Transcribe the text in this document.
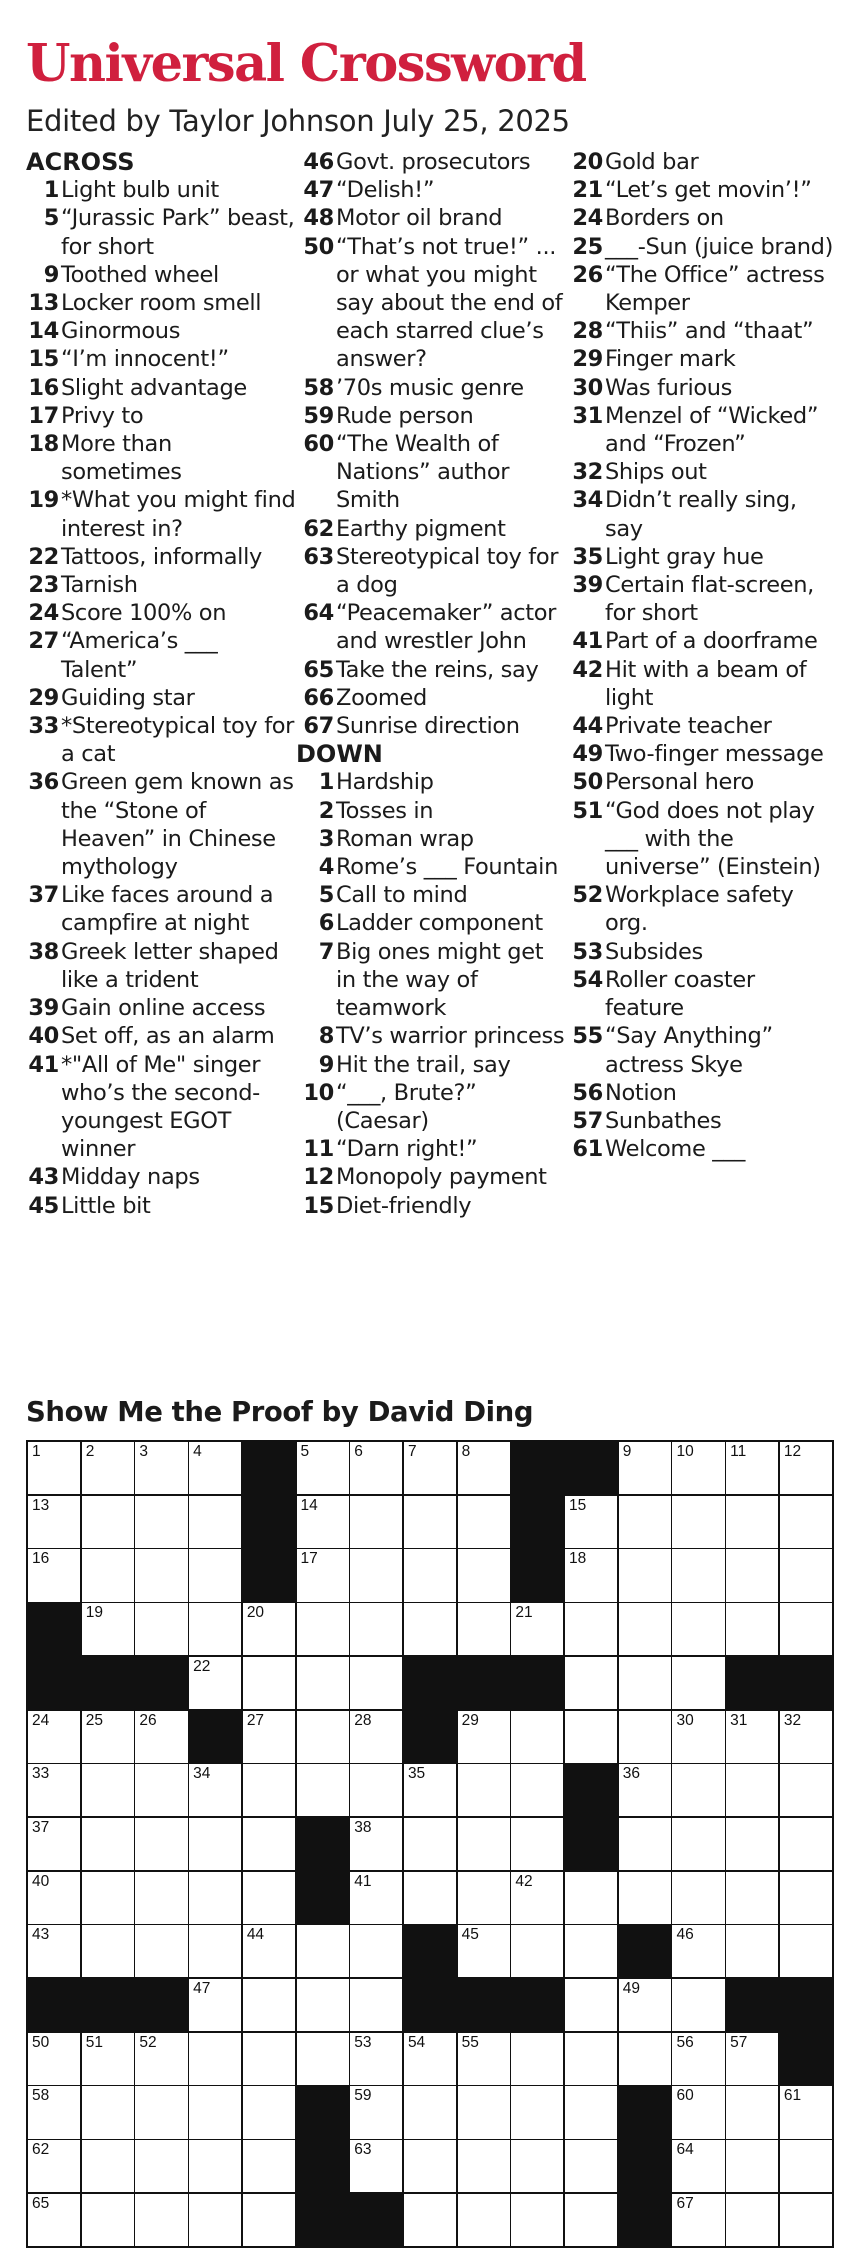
Universal Crossword
Edited by Taylor Johnson July 25, 2025
ACROSS
1 Light bulb unit
5 “Jurassic Park” beast, for short
9 Toothed wheel
13 Locker room smell
14 Ginormous
15 “I’m innocent!”
16 Slight advantage
17 Privy to
18 More than sometimes
19 *What you might find interest in?
22 Tattoos, informally
23 Tarnish
24 Score 100% on
27 “America’s ___ Talent”
29 Guiding star
33 *Stereotypical toy for a cat
36 Green gem known as the “Stone of Heaven” in Chinese mythology
37 Like faces around a campfire at night
38 Greek letter shaped like a trident
39 Gain online access
40 Set off, as an alarm
41 *"All of Me" singer who’s the second-youngest EGOT winner
43 Midday naps
45 Little bit
46 Govt. prosecutors
47 “Delish!”
48 Motor oil brand
50 “That’s not true!” ... or what you might say about the end of each starred clue’s answer?
58 ’70s music genre
59 Rude person
60 “The Wealth of Nations” author Smith
62 Earthy pigment
63 Stereotypical toy for a dog
64 “Peacemaker” actor and wrestler John
65 Take the reins, say
66 Zoomed
67 Sunrise direction
DOWN
1 Hardship
2 Tosses in
3 Roman wrap
4 Rome’s ___ Fountain
5 Call to mind
6 Ladder component
7 Big ones might get in the way of teamwork
8 TV’s warrior princess
9 Hit the trail, say
10 “___, Brute?” (Caesar)
11 “Darn right!”
12 Monopoly payment
15 Diet-friendly
20 Gold bar
21 “Let’s get movin’!”
24 Borders on
25 ___-Sun (juice brand)
26 “The Office” actress Kemper
28 “Thiis” and “thaat”
29 Finger mark
30 Was furious
31 Menzel of “Wicked” and “Frozen”
32 Ships out
34 Didn’t really sing, say
35 Light gray hue
39 Certain flat-screen, for short
41 Part of a doorframe
42 Hit with a beam of light
44 Private teacher
49 Two-finger message
50 Personal hero
51 “God does not play ___ with the universe” (Einstein)
52 Workplace safety org.
53 Subsides
54 Roller coaster feature
55 “Say Anything” actress Skye
56 Notion
57 Sunbathes
61 Welcome ___
Show Me the Proof by David Ding
1	2	3	4	5	6	7	8	9	10 11 12
13	14	15
16	17	18
19	20	21
22
24 25 26	27	28	29	30 31 32
33	34	35	36
37	38
40	41	42
43	44	45	46
47	49
50 51 52	53 54 55	56 57
58	59	60	61
62	63	64
65	67
